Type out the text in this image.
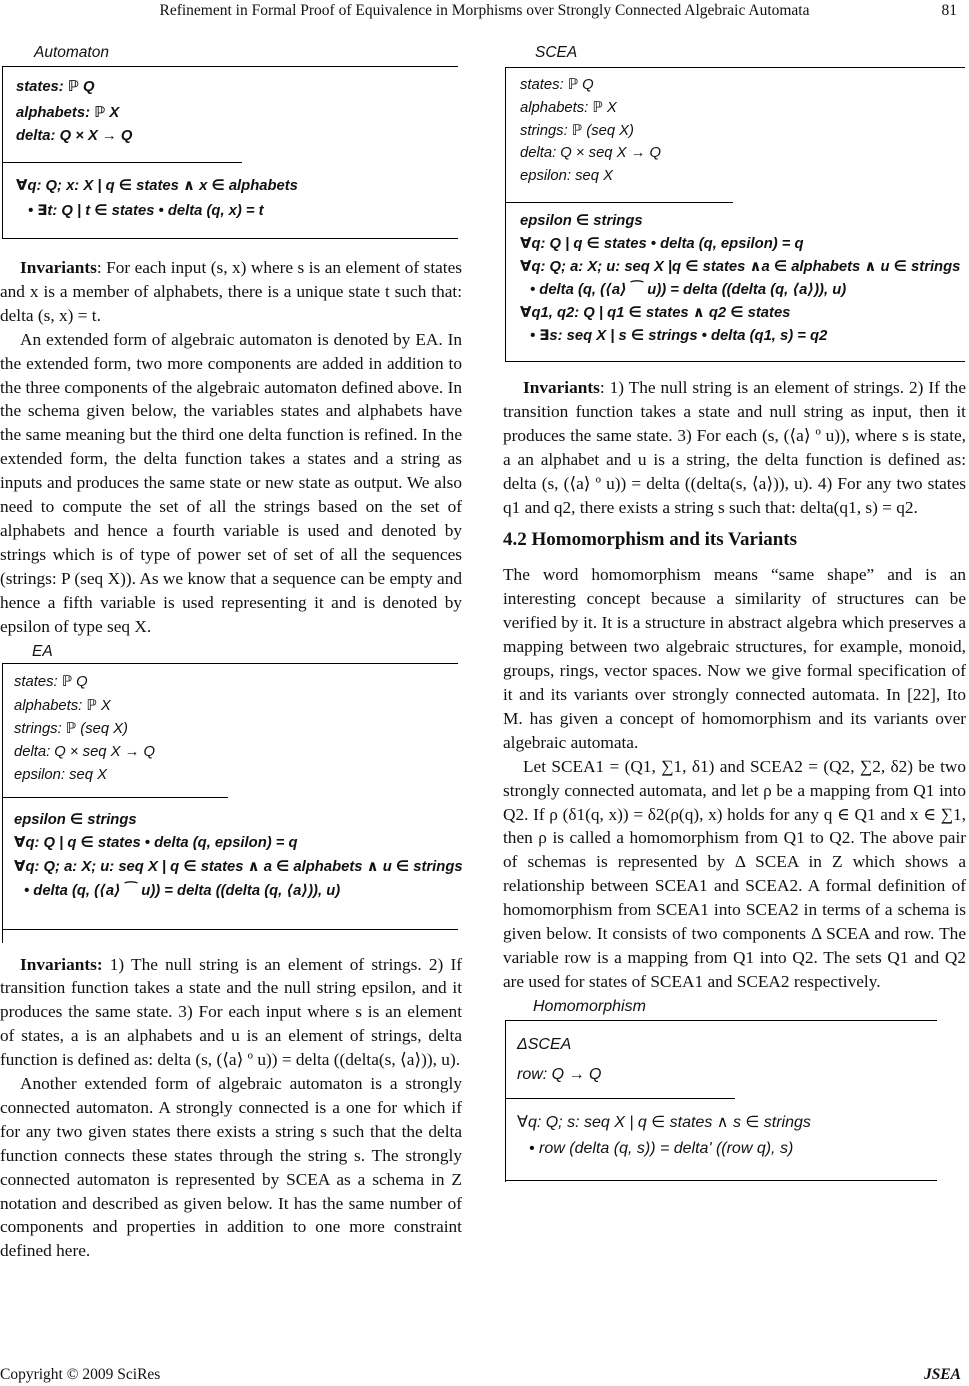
Refinement in Formal Proof of Equivalence in Morphisms over Strongly Connected Algebraic Automata	81
Automaton
states: ℙ Q
alphabets: ℙ X
delta: Q × X → Q
∀q: Q; x: X | q ∈ states ∧ x ∈ alphabets
• ∃t: Q | t ∈ states • delta (q, x) = t

Invariants: For each input (s, x) where s is an element of states and x is a member of alphabets, there is a unique state t such that: delta (s, x) = t.

An extended form of algebraic automaton is denoted by EA. In the extended form, two more components are added in addition to the three components of the algebraic automaton defined above. In the schema given below, the variables states and alphabets have the same meaning but the third one delta function is refined. In the extended form, the delta function takes a states and a string as inputs and produces the same state or new state as output. We also need to compute the set of all the strings based on the set of alphabets and hence a fourth variable is used and denoted by strings which is of type of power set of set of all the sequences (strings: P (seq X)). As we know that a sequence can be empty and hence a fifth variable is used representing it and is denoted by epsilon of type seq X.

EA
states: ℙ Q
alphabets: ℙ X
strings: ℙ (seq X)
delta: Q × seq X → Q
epsilon: seq X
epsilon ∈ strings
∀q: Q | q ∈ states • delta (q, epsilon) = q
∀q: Q; a: X; u: seq X | q ∈ states ∧ a ∈ alphabets ∧ u ∈ strings
• delta (q, (⟨a⟩ ⁀ u)) = delta ((delta (q, ⟨a⟩)), u)

Invariants: 1) The null string is an element of strings. 2) If transition function takes a state and the null string epsilon, and it produces the same state. 3) For each input where s is an element of states, a is an alphabets and u is an element of strings, delta function is defined as: delta (s, (⟨a⟩ º u)) = delta ((delta(s, ⟨a⟩)), u).

Another extended form of algebraic automaton is a strongly connected automaton. A strongly connected is a one for which if for any two given states there exists a string s such that the delta function connects these states through the string s. The strongly connected automaton is represented by SCEA as a schema in Z notation and described as given below. It has the same number of components and properties in addition to one more constraint defined here.

SCEA
states: ℙ Q
alphabets: ℙ X
strings: ℙ (seq X)
delta: Q × seq X → Q
epsilon: seq X
epsilon ∈ strings
∀q: Q | q ∈ states • delta (q, epsilon) = q
∀q: Q; a: X; u: seq X |q ∈ states ∧a ∈ alphabets ∧ u ∈ strings
• delta (q, (⟨a⟩ ⁀ u)) = delta ((delta (q, ⟨a⟩)), u)
∀q1, q2: Q | q1 ∈ states ∧ q2 ∈ states
• ∃s: seq X | s ∈ strings • delta (q1, s) = q2

Invariants: 1) The null string is an element of strings. 2) If the transition function takes a state and null string as input, then it produces the same state. 3) For each (s, (⟨a⟩ º u)), where s is state, a an alphabet and u is a string, the delta function is defined as: delta (s, (⟨a⟩ º u)) = delta ((delta(s, ⟨a⟩)), u). 4) For any two states q1 and q2, there exists a string s such that: delta(q1, s) = q2.

4.2 Homomorphism and its Variants

The word homomorphism means “same shape” and is an interesting concept because a similarity of structures can be verified by it. It is a structure in abstract algebra which preserves a mapping between two algebraic structures, for example, monoid, groups, rings, vector spaces. Now we give formal specification of it and its variants over strongly connected automata. In [22], Ito M. has given a concept of homomorphism and its variants over algebraic automata.

Let SCEA1 = (Q1, ∑1, δ1) and SCEA2 = (Q2, ∑2, δ2) be two strongly connected automata, and let ρ be a mapping from Q1 into Q2. If ρ (δ1(q, x)) = δ2(ρ(q), x) holds for any q ∈ Q1 and x ∈ ∑1, then ρ is called a homomorphism from Q1 to Q2. The above pair of schemas is represented by Δ SCEA in Z which shows a relationship between SCEA1 and SCEA2. A formal definition of homomorphism from SCEA1 into SCEA2 in terms of a schema is given below. It consists of two components Δ SCEA and row. The variable row is a mapping from Q1 into Q2. The sets Q1 and Q2 are used for states of SCEA1 and SCEA2 respectively.

Homomorphism
ΔSCEA
row: Q → Q
∀q: Q; s: seq X | q ∈ states ∧ s ∈ strings
• row (delta (q, s)) = delta' ((row q), s)
Copyright © 2009 SciRes	JSEA
